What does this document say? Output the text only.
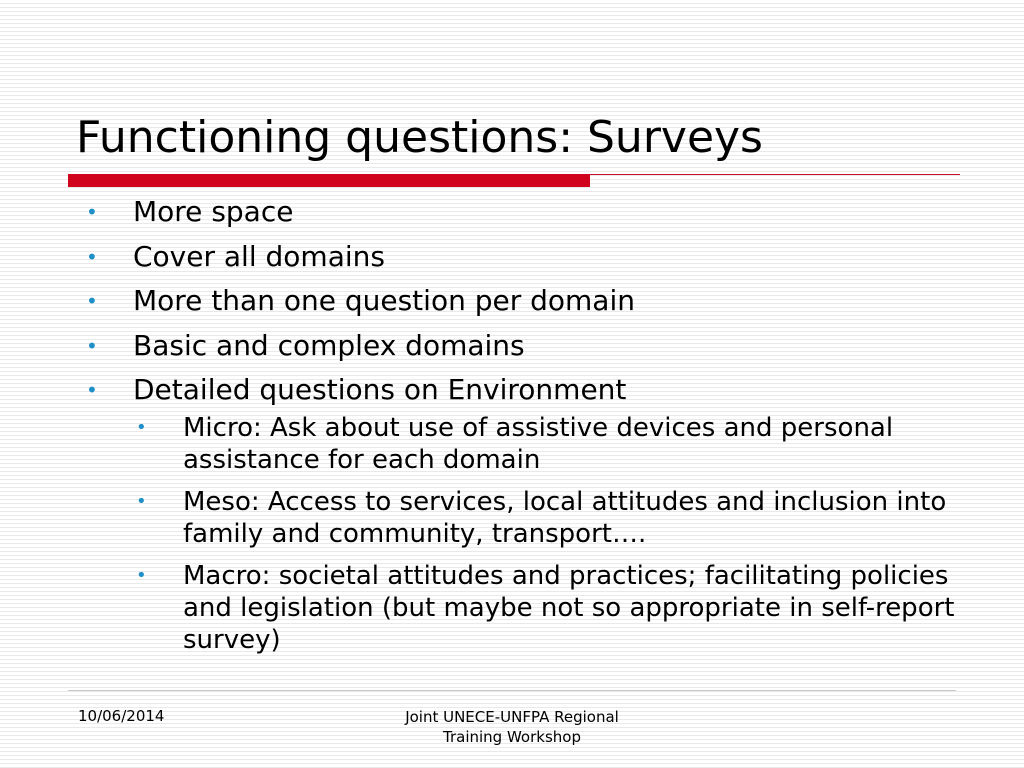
Functioning questions: Surveys
• More space
• Cover all domains
• More than one question per domain
• Basic and complex domains
• Detailed questions on Environment
• Micro: Ask about use of assistive devices and personal assistance for each domain
• Meso: Access to services, local attitudes and inclusion into family and community, transport….
• Macro: societal attitudes and practices; facilitating policies and legislation (but maybe not so appropriate in self-report survey)
10/06/2014	Joint UNECE-UNFPA Regional
Training Workshop
